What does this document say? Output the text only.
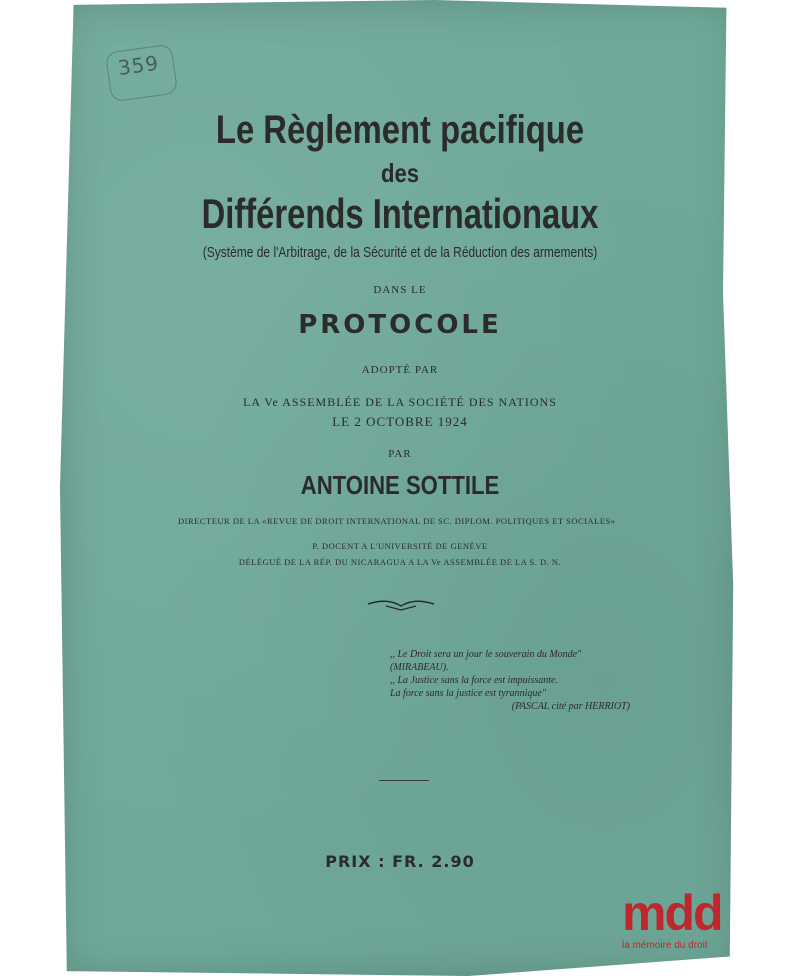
359
Le Règlement pacifique
des
Différends Internationaux
(Système de l'Arbitrage, de la Sécurité et de la Réduction des armements)
DANS LE
PROTOCOLE
ADOPTÉ PAR
LA Ve ASSEMBLÉE DE LA SOCIÉTÉ DES NATIONS
LE 2 OCTOBRE 1924
PAR
ANTOINE SOTTILE
DIRECTEUR DE LA «REVUE DE DROIT INTERNATIONAL DE SC. DIPLOM. POLITIQUES ET SOCIALES»
P. DOCENT A L'UNIVERSITÉ DE GENÈVE
DÉLÉGUÉ DE LA RÉP. DU NICARAGUA A LA Ve ASSEMBLÉE DE LA S. D. N.
,, Le Droit sera un jour le souverain du Monde" (MIRABEAU).
,, La Justice sans la force est impuissante.
La force sans la justice est tyrannique"
(PASCAL cité par HERRIOT)
PRIX : FR. 2.90
mdd
la mémoire du droit
